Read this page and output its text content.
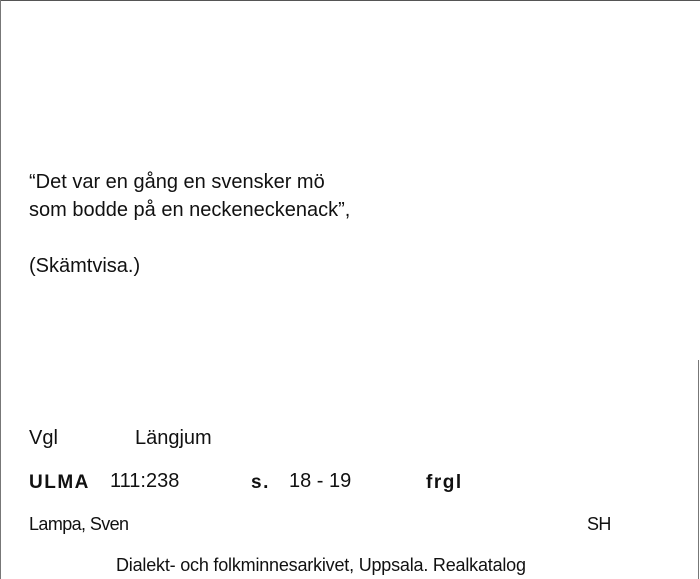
“Det var en gång en svensker mö
som bodde på en neckeneckenack”,
(Skämtvisa.)
Vgl	Längjum
ULMA 111:238	s. 18 - 19	frgl
Lampa, Sven	SH
Dialekt- och folkminnesarkivet, Uppsala. Realkatalog
